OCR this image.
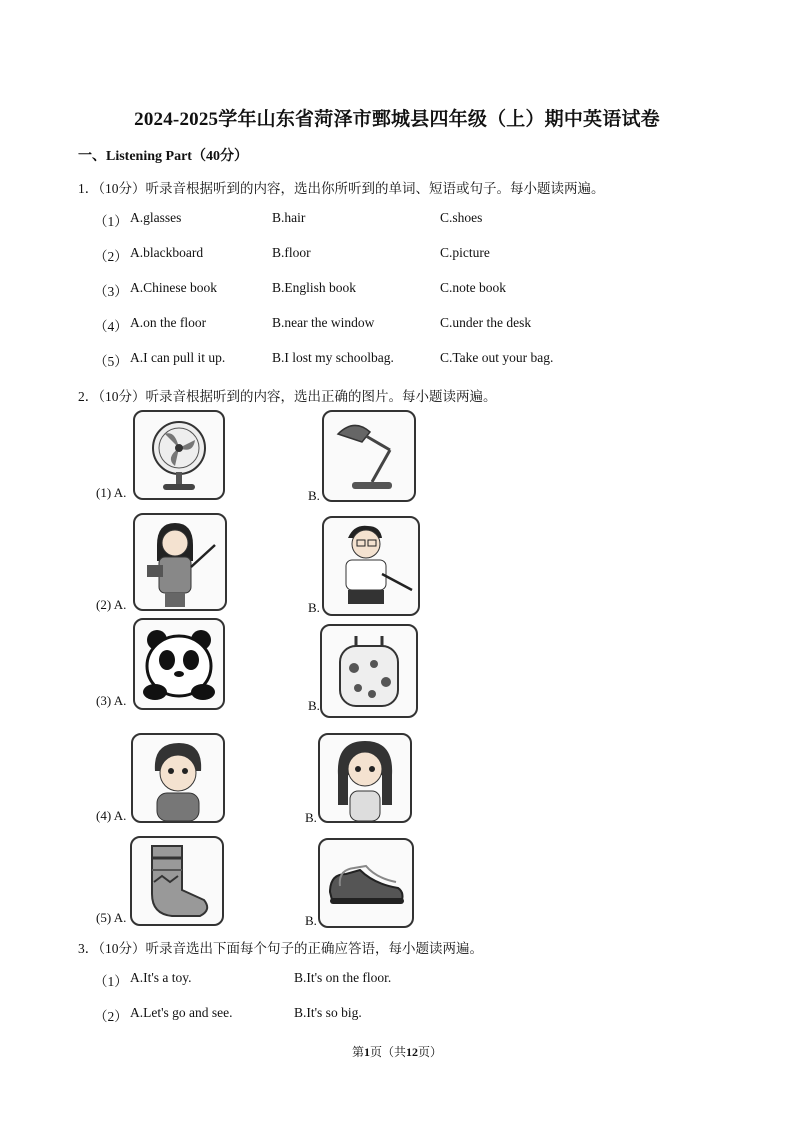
2024-2025学年山东省菏泽市鄄城县四年级（上）期中英语试卷
一、Listening Part（40分）
1．（10分）听录音根据听到的内容，选出你所听到的单词、短语或句子。每小题读两遍。
（1） A.glasses	B.hair	C.shoes
（2） A.blackboard	B.floor	C.picture
（3） A.Chinese book	B.English book	C.note book
（4） A.on the floor	B.near the window	C.under the desk
（5） A.I can pull it up.	B.I lost my schoolbag.	C.Take out your bag.
2．（10分）听录音根据听到的内容，选出正确的图片。每小题读两遍。
(1) A.	B.
(2) A.	B.
(3) A.	B.
(4) A.	B.
(5) A.	B.
3．（10分）听录音选出下面每个句子的正确应答语，每小题读两遍。
（1） A.It's a toy.	B.It's on the floor.
（2） A.Let's go and see.	B.It's so big.
第1页（共12页）
